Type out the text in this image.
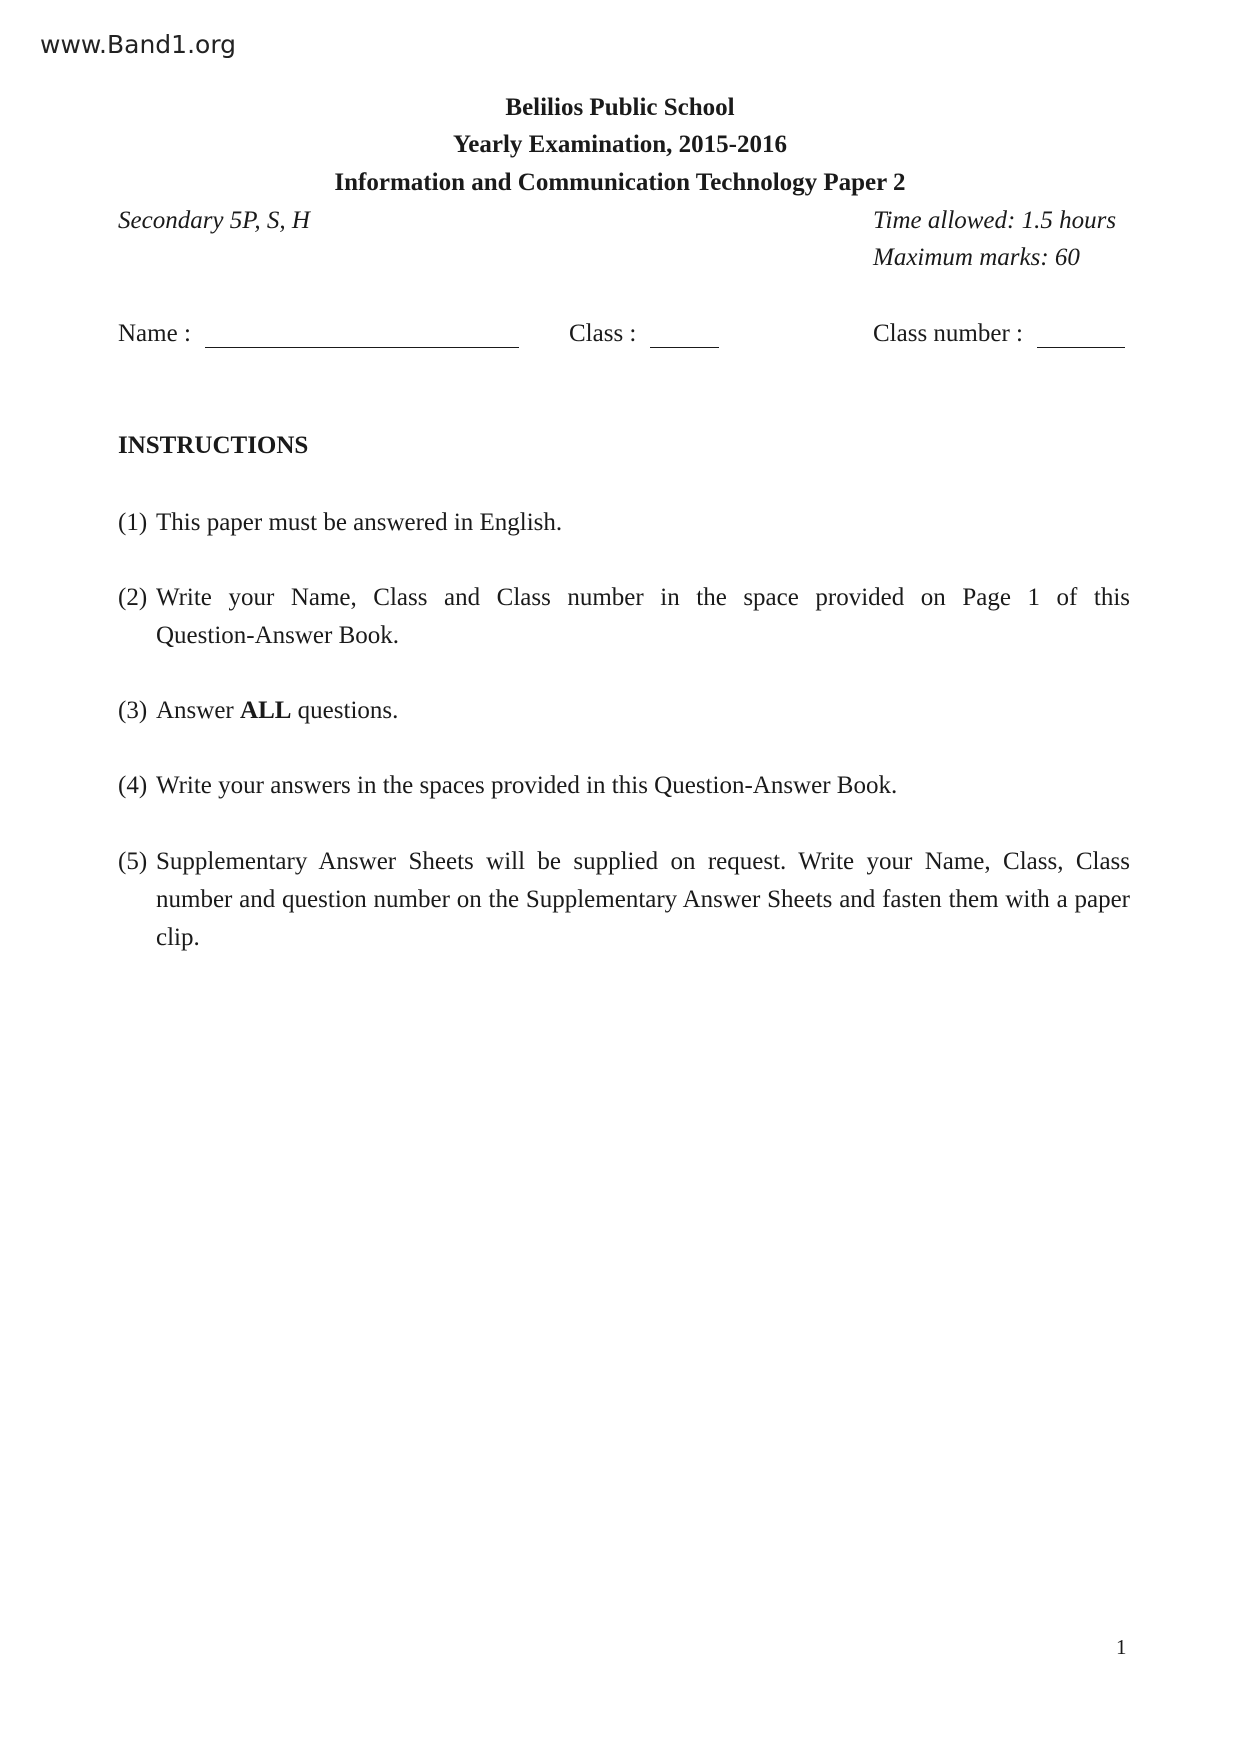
www.Band1.org
Belilios Public School
Yearly Examination, 2015-2016
Information and Communication Technology Paper 2
Secondary 5P, S, H	Time allowed: 1.5 hours
Maximum marks: 60
Name :	Class :	Class number :
INSTRUCTIONS
(1) This paper must be answered in English.
(2) Write your Name, Class and Class number in the space provided on Page 1 of this
Question-Answer Book.
(3) Answer ALL questions.
(4) Write your answers in the spaces provided in this Question-Answer Book.
(5) Supplementary Answer Sheets will be supplied on request. Write your Name, Class, Class
number and question number on the Supplementary Answer Sheets and fasten them with a paper
clip.
1
